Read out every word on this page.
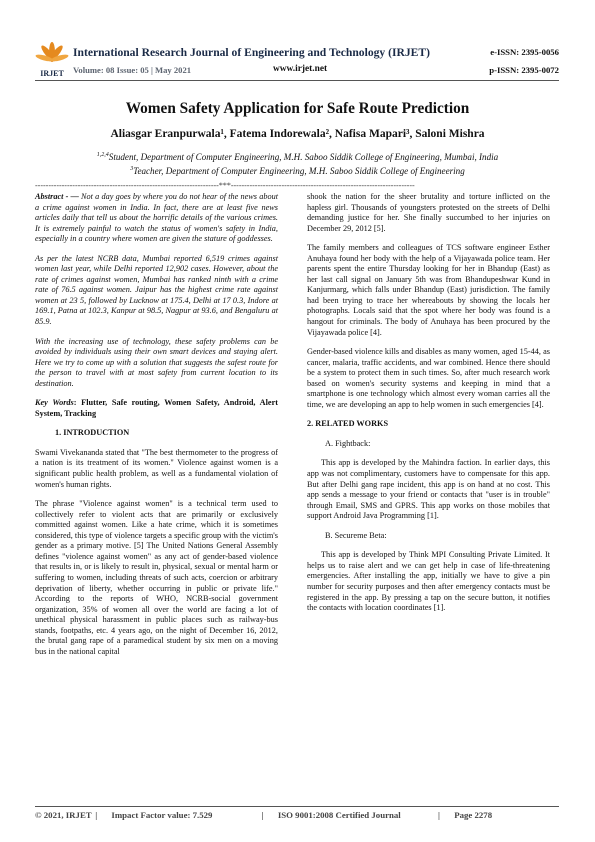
IRJET
International Research Journal of Engineering and Technology (IRJET)	e-ISSN: 2395-0056
Volume: 08 Issue: 05 | May 2021	www.irjet.net	p-ISSN: 2395-0072
Women Safety Application for Safe Route Prediction
Aliasgar Eranpurwala¹, Fatema Indorewala², Nafisa Mapari³, Saloni Mishra
$^{1,2,4}$Student, Department of Computer Engineering, M.H. Saboo Siddik College of Engineering, Mumbai, India
$^3$Teacher, Department of Computer Engineering, M.H. Saboo Siddik College of Engineering
---------------------------------------------------------------------***---------------------------------------------------------------------

Abstract - — Not a day goes by where you do not hear of the news about a crime against women in India. In fact, there are at least five news articles daily that tell us about the horrific details of the various crimes. It is extremely painful to watch the status of women's safety in India, especially in a country where women are given the stature of goddesses.

As per the latest NCRB data, Mumbai reported 6,519 crimes against women last year, while Delhi reported 12,902 cases. However, about the rate of crimes against women, Mumbai has ranked ninth with a crime rate of 76.5 against women. Jaipur has the highest crime rate against women at 23 5, followed by Lucknow at 175.4, Delhi at 17 0.3, Indore at 169.1, Patna at 102.3, Kanpur at 98.5, Nagpur at 93.6, and Bengaluru at 85.9.

With the increasing use of technology, these safety problems can be avoided by individuals using their own smart devices and staying alert. Here we try to come up with a solution that suggests the safest route for the person to travel with at most safety from current location to its destination.

Key Words: Flutter, Safe routing, Women Safety, Android, Alert System, Tracking

1. INTRODUCTION

Swami Vivekananda stated that "The best thermometer to the progress of a nation is its treatment of its women." Violence against women is a significant public health problem, as well as a fundamental violation of women's human rights.

The phrase "Violence against women" is a technical term used to collectively refer to violent acts that are primarily or exclusively committed against women. Like a hate crime, which it is sometimes considered, this type of violence targets a specific group with the victim's gender as a primary motive. [5] The United Nations General Assembly defines "violence against women" as any act of gender-based violence that results in, or is likely to result in, physical, sexual or mental harm or suffering to women, including threats of such acts, coercion or arbitrary deprivation of liberty, whether occurring in public or private life." According to the reports of WHO, NCRB-social government organization, 35% of women all over the world are facing a lot of unethical physical harassment in public places such as railway-bus stands, footpaths, etc. 4 years ago, on the night of December 16, 2012, the brutal gang rape of a paramedical student by six men on a moving bus in the national capital

shook the nation for the sheer brutality and torture inflicted on the hapless girl. Thousands of youngsters protested on the streets of Delhi demanding justice for her. She finally succumbed to her injuries on December 29, 2012 [5].

The family members and colleagues of TCS software engineer Esther Anuhaya found her body with the help of a Vijayawada police team. Her parents spent the entire Thursday looking for her in Bhandup (East) as her last call signal on January 5th was from Bhandupeshwar Kund in Kanjurmarg, which falls under Bhandup (East) jurisdiction. The family had been trying to trace her whereabouts by showing the locals her photographs. Locals said that the spot where her body was found is a hangout for criminals. The body of Anuhaya has been procured by the Vijayawada police [4].

Gender-based violence kills and disables as many women, aged 15-44, as cancer, malaria, traffic accidents, and war combined. Hence there should be a system to protect them in such times. So, after much research work based on women's security systems and keeping in mind that a smartphone is one technology which almost every woman carries all the time, we are developing an app to help women in such emergencies [4].

2. RELATED WORKS
A. Fightback:

This app is developed by the Mahindra faction. In earlier days, this app was not complimentary, customers have to compensate for this app. But after Delhi gang rape incident, this app is on hand at no cost. This app sends a message to your friend or contacts that "user is in trouble" through Email, SMS and GPRS. This app works on those mobiles that support Android Java Programming [1].

B. Secureme Beta:

This app is developed by Think MPI Consulting Private Limited. It helps us to raise alert and we can get help in case of life-threatening emergencies. After installing the app, initially we have to give a pin number for security purposes and then after emergency contacts must be registered in the app. By pressing a tap on the secure button, it notifies the contacts with location coordinates [1].

© 2021, IRJET | Impact Factor value: 7.529	| ISO 9001:2008 Certified Journal	| Page 2278
